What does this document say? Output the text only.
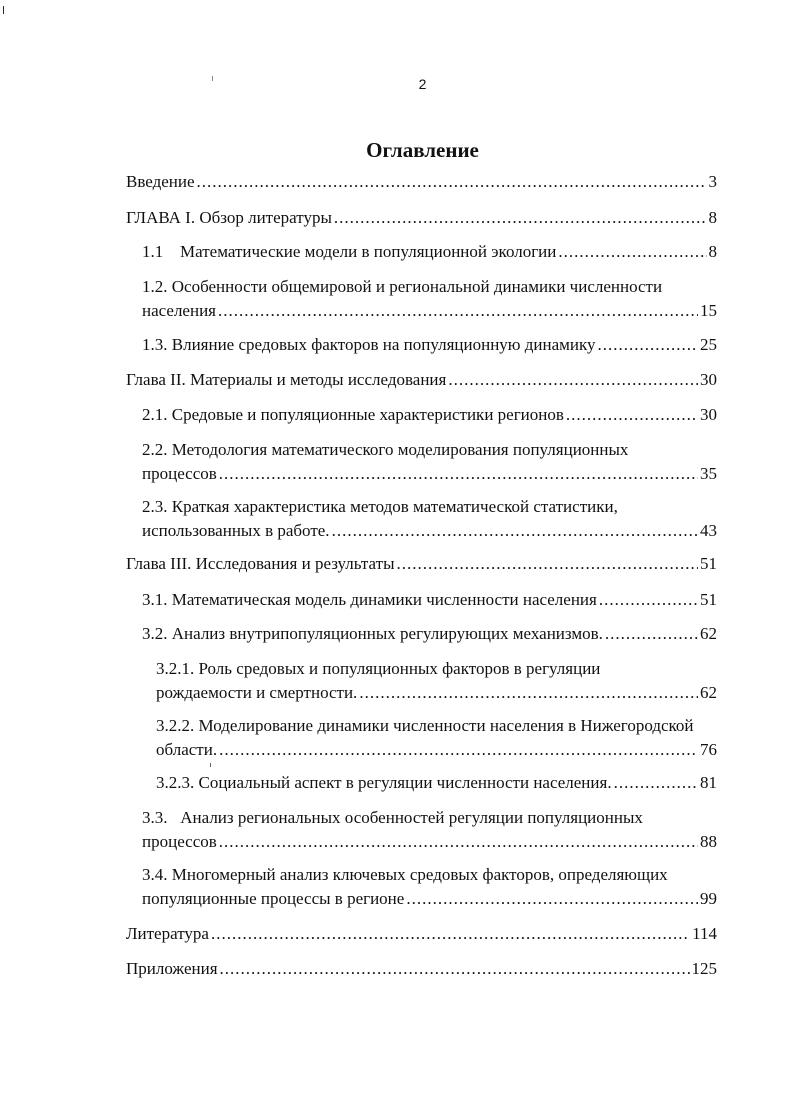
2
Оглавление
Введение .....	3
ГЛАВА I. Обзор литературы .....	8
1.1 Математические модели в популяционной экологии .....	8
1.2. Особенности общемировой и региональной динамики численности
населения .....	15
1.3. Влияние средовых факторов на популяционную динамику .....	25
Глава II. Материалы и методы исследования .....	30
2.1. Средовые и популяционные характеристики регионов .....	30
2.2. Методология математического моделирования популяционных
процессов .....	35
2.3. Краткая характеристика методов математической статистики,
использованных в работе. .....	43
Глава III. Исследования и результаты .....	51
3.1. Математическая модель динамики численности населения .....	51
3.2. Анализ внутрипопуляционных регулирующих механизмов. .....	62
3.2.1. Роль средовых и популяционных факторов в регуляции
рождаемости и смертности. .....	62
3.2.2. Моделирование динамики численности населения в Нижегородской
области. .....	76
3.2.3. Социальный аспект в регуляции численности населения. .....	81
3.3.   Анализ региональных особенностей регуляции популяционных
процессов .....	88
3.4. Многомерный анализ ключевых средовых факторов, определяющих
популяционные процессы в регионе .....	99
Литература .....	114
Приложения .....	125
